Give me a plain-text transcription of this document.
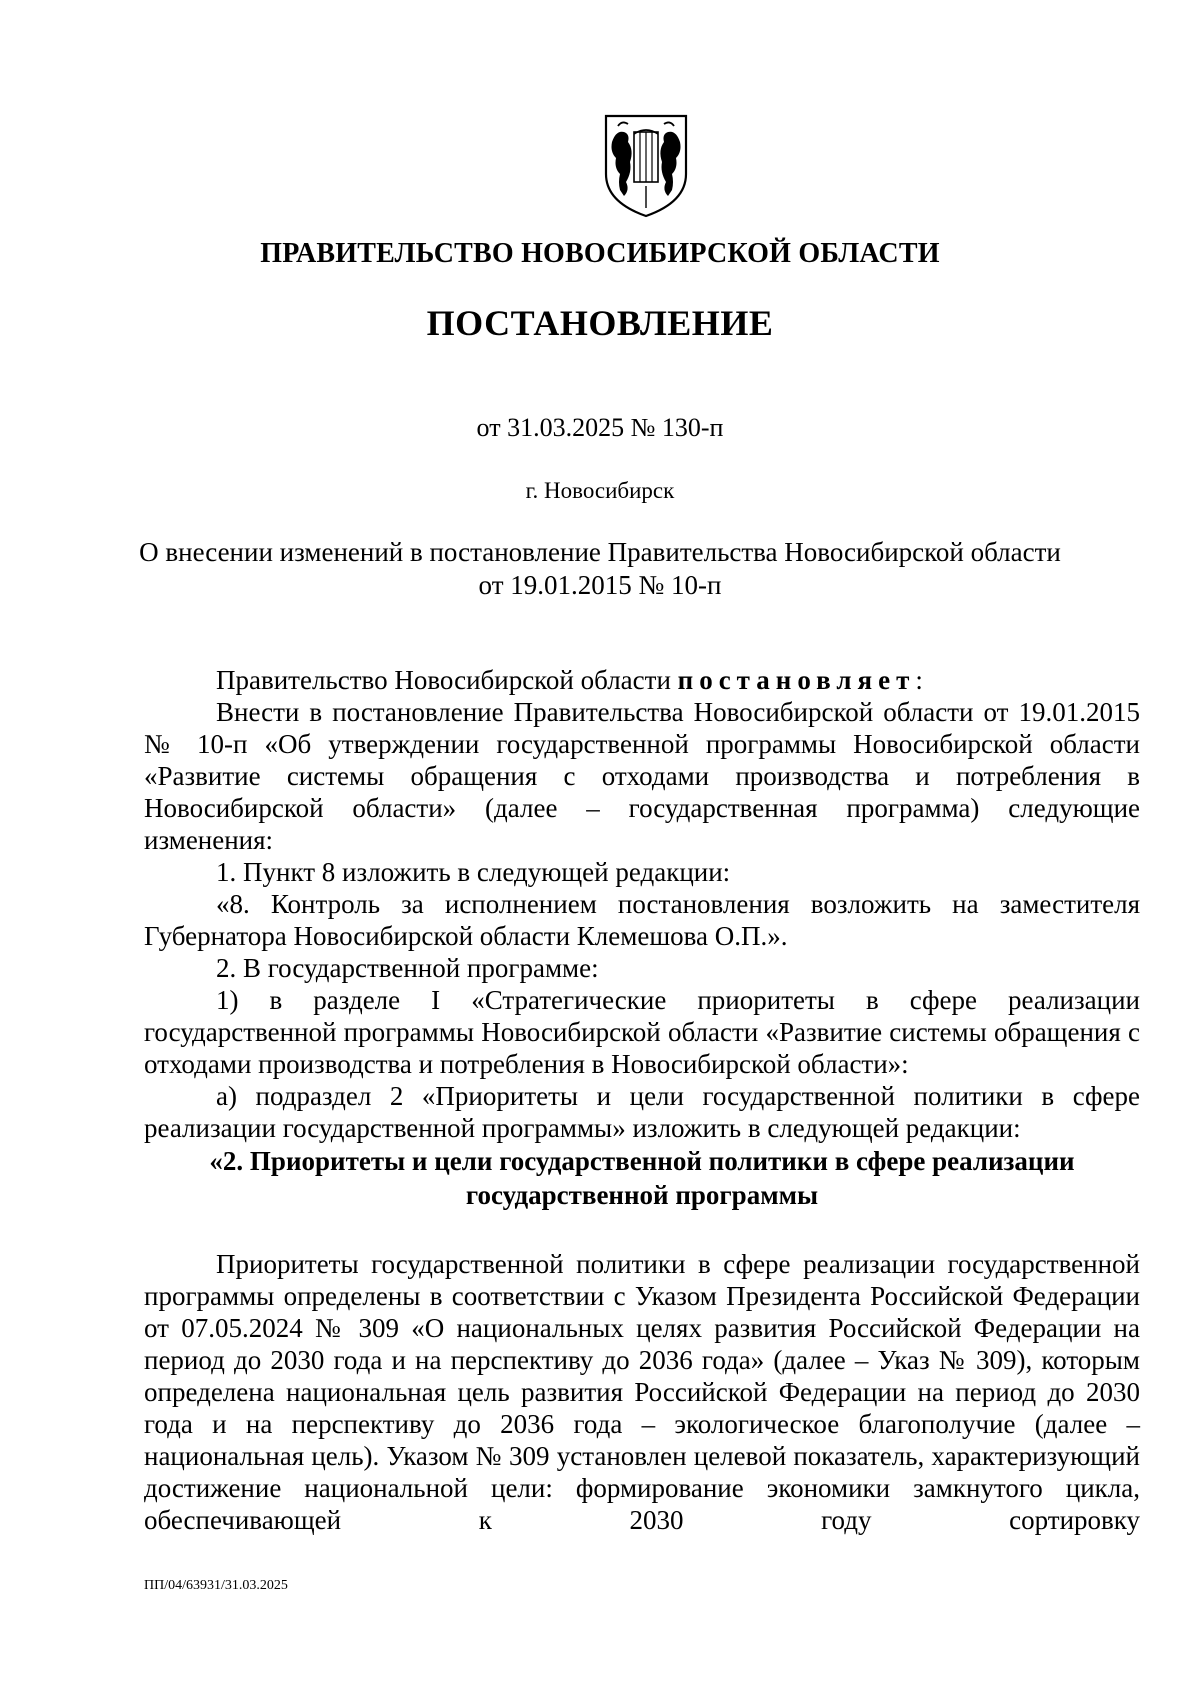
ПРАВИТЕЛЬСТВО НОВОСИБИРСКОЙ ОБЛАСТИ
ПОСТАНОВЛЕНИЕ
от 31.03.2025 № 130-п
г. Новосибирск
О внесении изменений в постановление Правительства Новосибирской области
от 19.01.2015 № 10-п

Правительство Новосибирской области постановляет:

Внести в постановление Правительства Новосибирской области от 19.01.2015 № 10-п «Об утверждении государственной программы Новосибирской области «Развитие системы обращения с отходами производства и потребления в Новосибирской области» (далее – государственная программа) следующие изменения:

1. Пункт 8 изложить в следующей редакции:

«8. Контроль за исполнением постановления возложить на заместителя Губернатора Новосибирской области Клемешова О.П.».

2. В государственной программе:

1) в разделе I «Стратегические приоритеты в сфере реализации государственной программы Новосибирской области «Развитие системы обращения с отходами производства и потребления в Новосибирской области»:

а) подраздел 2 «Приоритеты и цели государственной политики в сфере реализации государственной программы» изложить в следующей редакции:

«2. Приоритеты и цели государственной политики в сфере реализации
государственной программы

Приоритеты государственной политики в сфере реализации государственной программы определены в соответствии с Указом Президента Российской Федерации от 07.05.2024 № 309 «О национальных целях развития Российской Федерации на период до 2030 года и на перспективу до 2036 года» (далее – Указ № 309), которым определена национальная цель развития Российской Федерации на период до 2030 года и на перспективу до 2036 года – экологическое благополучие (далее – национальная цель). Указом № 309 установлен целевой показатель, характеризующий достижение национальной цели: формирование экономики замкнутого цикла, обеспечивающей к 2030 году сортировку

ПП/04/63931/31.03.2025
